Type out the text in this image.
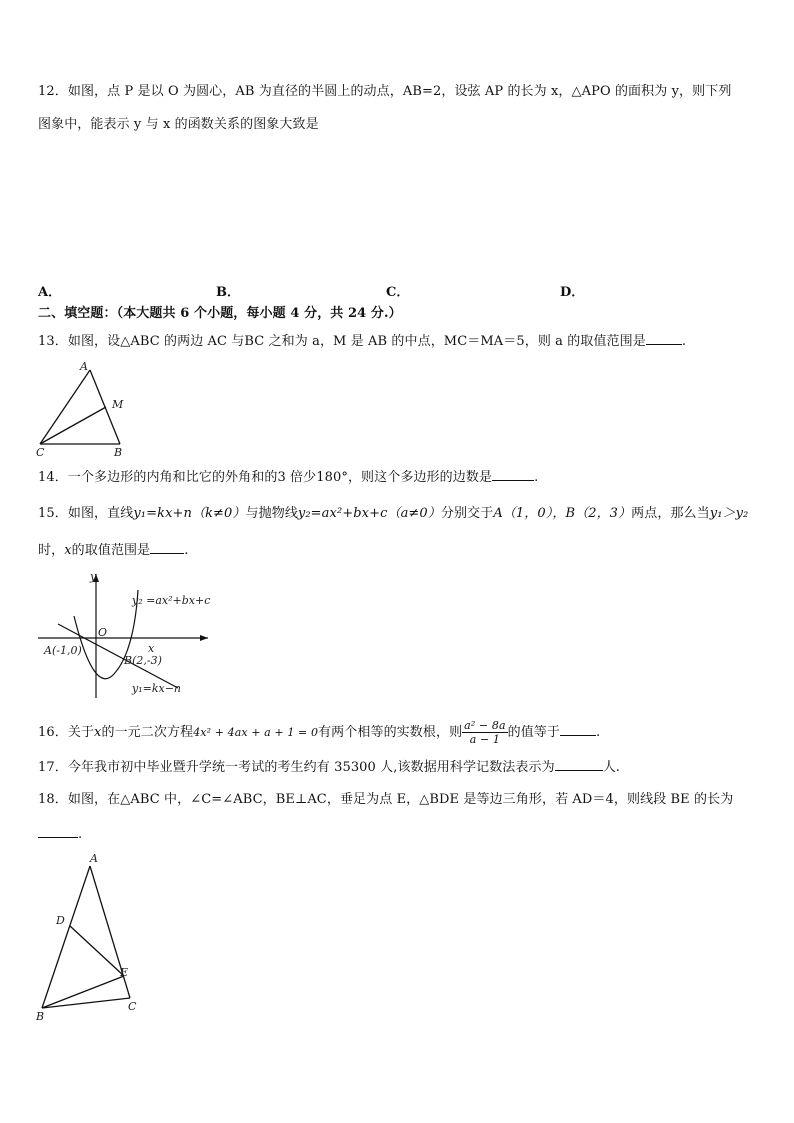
12．如图，点 P 是以 O 为圆心，AB 为直径的半圆上的动点，AB=2，设弦 AP 的长为 x，△APO 的面积为 y，则下列
图象中，能表示 y 与 x 的函数关系的图象大致是
A．	B．	C．	D．
二、填空题：（本大题共 6 个小题，每小题 4 分，共 24 分.）
13．如图，设△ABC 的两边 AC 与BC 之和为 a，M 是 AB 的中点，MC＝MA＝5，则 a 的取值范围是	.
A
M
C	B
14．一个多边形的内角和比它的外角和的3 倍少180°，则这个多边形的边数是	.
15．如图，直线y₁=kx+n（k≠0）与抛物线y₂=ax²+bx+c（a≠0）分别交于A（1，0），B（2，3）两点，那么当y₁＞y₂
时，x的取值范围是	.
y
x
O
A(-1,0)
B(2,-3)
y₂ =ax²+bx+c
y₁=kx−n
16．关于x的一元二次方程4x² + 4ax + a + 1 = 0有两个相等的实数根，则 $\frac{\text{a² − 8a}}{a - 1}$ 的值等于	.
17．今年我市初中毕业暨升学统一考试的考生约有 35300 人,该数据用科学记数法表示为	人.
18．如图，在△ABC 中，∠C=∠ABC，BE⊥AC，垂足为点 E，△BDE 是等边三角形，若 AD＝4，则线段 BE 的长为
.
A
D
E
B
C
